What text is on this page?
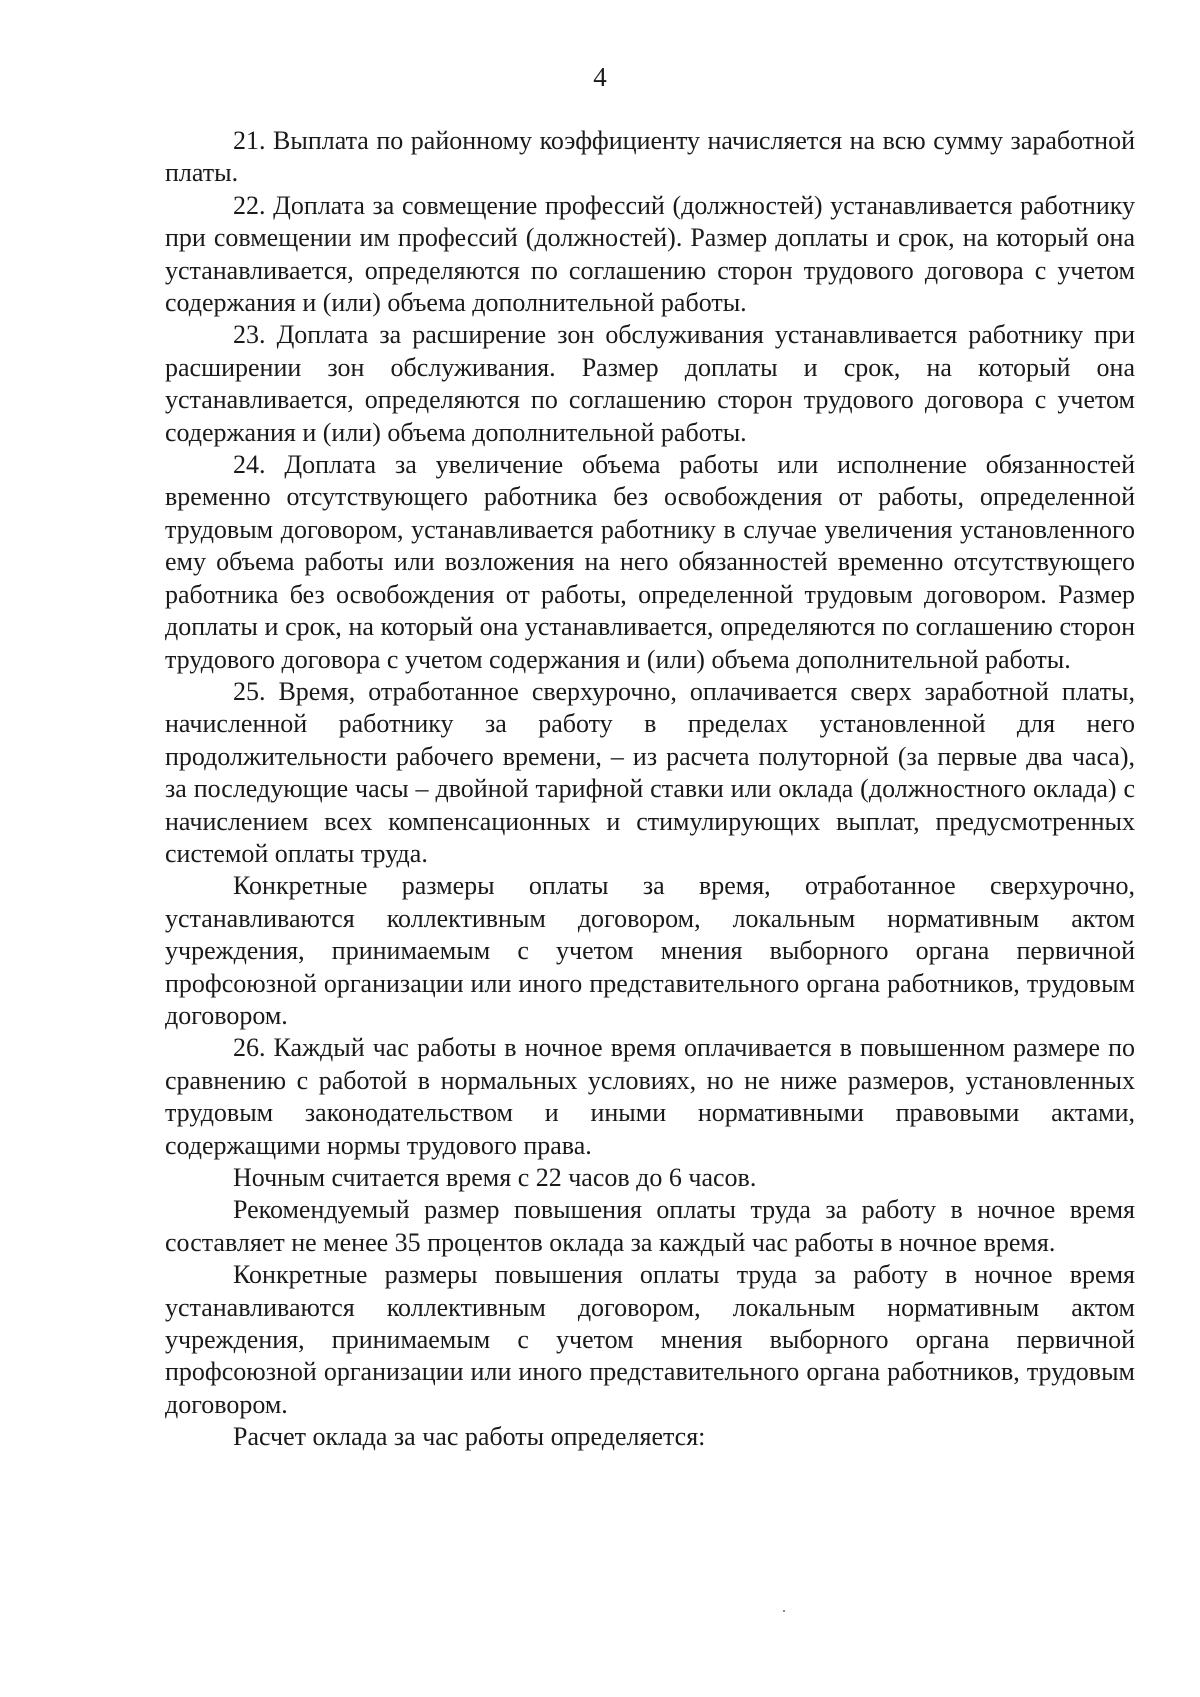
4

21. Выплата по районному коэффициенту начисляется на всю сумму заработной платы.

22. Доплата за совмещение профессий (должностей) устанавливается работнику при совмещении им профессий (должностей). Размер доплаты и срок, на который она устанавливается, определяются по соглашению сторон трудового договора с учетом содержания и (или) объема дополнительной работы.

23. Доплата за расширение зон обслуживания устанавливается работнику при расширении зон обслуживания. Размер доплаты и срок, на который она устанавливается, определяются по соглашению сторон трудового договора с учетом содержания и (или) объема дополнительной работы.

24. Доплата за увеличение объема работы или исполнение обязанностей временно отсутствующего работника без освобождения от работы, определенной трудовым договором, устанавливается работнику в случае увеличения установленного ему объема работы или возложения на него обязанностей временно отсутствующего работника без освобождения от работы, определенной трудовым договором. Размер доплаты и срок, на который она устанавливается, определяются по соглашению сторон трудового договора с учетом содержания и (или) объема дополнительной работы.

25. Время, отработанное сверхурочно, оплачивается сверх заработной платы, начисленной работнику за работу в пределах установленной для него продолжительности рабочего времени, – из расчета полуторной (за первые два часа), за последующие часы – двойной тарифной ставки или оклада (должностного оклада) с начислением всех компенсационных и стимулирующих выплат, предусмотренных системой оплаты труда.

Конкретные размеры оплаты за время, отработанное сверхурочно, устанавливаются коллективным договором, локальным нормативным актом учреждения, принимаемым с учетом мнения выборного органа первичной профсоюзной организации или иного представительного органа работников, трудовым договором.

26. Каждый час работы в ночное время оплачивается в повышенном размере по сравнению с работой в нормальных условиях, но не ниже размеров, установленных трудовым законодательством и иными нормативными правовыми актами, содержащими нормы трудового права.

Ночным считается время с 22 часов до 6 часов.

Рекомендуемый размер повышения оплаты труда за работу в ночное время составляет не менее 35 процентов оклада за каждый час работы в ночное время.

Конкретные размеры повышения оплаты труда за работу в ночное время устанавливаются коллективным договором, локальным нормативным актом учреждения, принимаемым с учетом мнения выборного органа первичной профсоюзной организации или иного представительного органа работников, трудовым договором.

Расчет оклада за час работы определяется:
